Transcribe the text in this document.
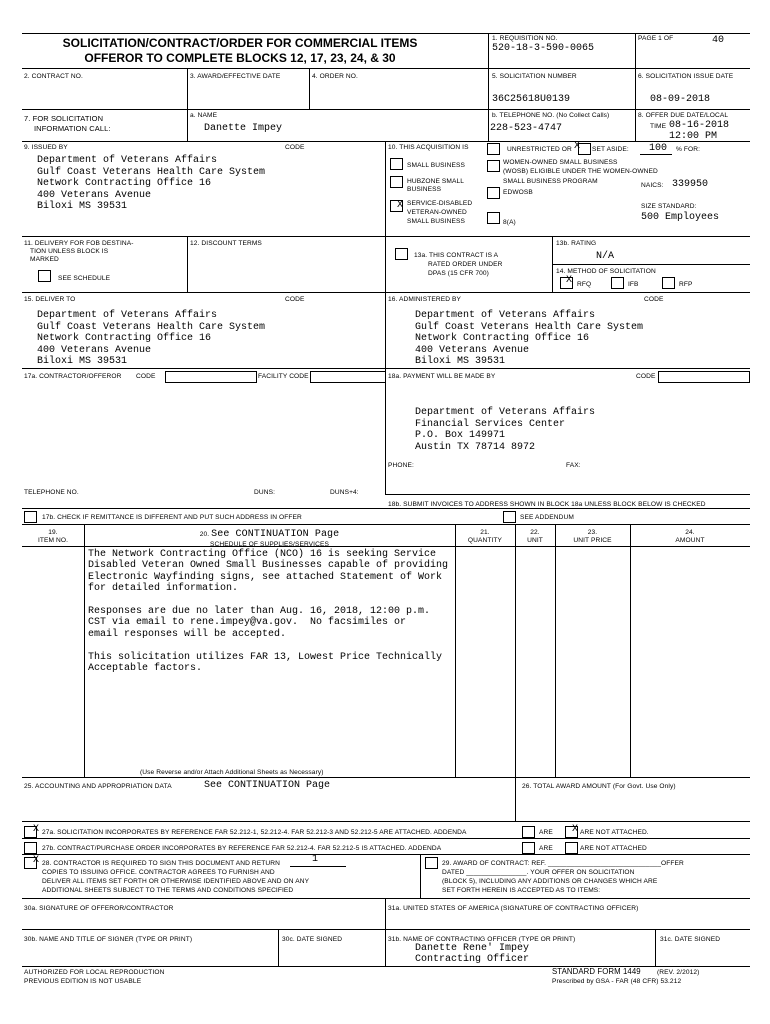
SOLICITATION/CONTRACT/ORDER FOR COMMERCIAL ITEMS
OFFEROR TO COMPLETE BLOCKS 12, 17, 23, 24, & 30
1. REQUISITION NO.
520-18-3-590-0065
PAGE 1 OF	40
2. CONTRACT NO.	3. AWARD/EFFECTIVE DATE	4. ORDER NO.	5. SOLICITATION NUMBER
36C25618U0139
6. SOLICITATION ISSUE DATE
08-09-2018
7. FOR SOLICITATION
INFORMATION CALL:
a. NAME
Danette Impey
b. TELEPHONE NO. (No Collect Calls)
228-523-4747
8. OFFER DUE DATE/LOCAL
TIME 08-16-2018
12:00 PM
9. ISSUED BY	CODE
Department of Veterans Affairs
Gulf Coast Veterans Health Care System
Network Contracting Office 16
400 Veterans Avenue
Biloxi MS 39531
10. THIS ACQUISITION IS	UNRESTRICTED OR X SET ASIDE: 100 % FOR:
SMALL BUSINESS
HUBZONE SMALL
BUSINESS
X SERVICE-DISABLED
VETERAN-OWNED
SMALL BUSINESS
WOMEN-OWNED SMALL BUSINESS
(WOSB) ELIGIBLE UNDER THE WOMEN-OWNED
SMALL BUSINESS PROGRAM
EDWOSB
8(A)
NAICS: 339950
SIZE STANDARD:
500 Employees
11. DELIVERY FOR FOB DESTINA-
TION UNLESS BLOCK IS
MARKED
SEE SCHEDULE
12. DISCOUNT TERMS
13a. THIS CONTRACT IS A
RATED ORDER UNDER
DPAS (15 CFR 700)
13b. RATING
N/A
14. METHOD OF SOLICITATION
X RFQ	IFB	RFP
15. DELIVER TO	CODE
Department of Veterans Affairs
Gulf Coast Veterans Health Care System
Network Contracting Office 16
400 Veterans Avenue
Biloxi MS 39531
16. ADMINISTERED BY	CODE
Department of Veterans Affairs
Gulf Coast Veterans Health Care System
Network Contracting Office 16
400 Veterans Avenue
Biloxi MS 39531
17a. CONTRACTOR/OFFEROR CODE	FACILITY CODE
TELEPHONE NO.	DUNS:	DUNS+4:
17b. CHECK IF REMITTANCE IS DIFFERENT AND PUT SUCH ADDRESS IN OFFER
18a. PAYMENT WILL BE MADE BY	CODE
Department of Veterans Affairs
Financial Services Center
P.O. Box 149971
Austin TX 78714 8972
PHONE:	FAX:
18b. SUBMIT INVOICES TO ADDRESS SHOWN IN BLOCK 18a UNLESS BLOCK BELOW IS CHECKED
SEE ADDENDUM
19.
ITEM NO.
20. See CONTINUATION Page
SCHEDULE OF SUPPLIES/SERVICES
21.
QUANTITY
22.
UNIT
23.
UNIT PRICE
24.
AMOUNT
The Network Contracting Office (NCO) 16 is seeking Service
Disabled Veteran Owned Small Businesses capable of providing
Electronic Wayfinding signs, see attached Statement of Work
for detailed information.

Responses are due no later than Aug. 16, 2018, 12:00 p.m.
CST via email to rene.impey@va.gov.  No facsimiles or
email responses will be accepted.

This solicitation utilizes FAR 13, Lowest Price Technically
Acceptable factors.
(Use Reverse and/or Attach Additional Sheets as Necessary)
25. ACCOUNTING AND APPROPRIATION DATA	See CONTINUATION Page	26. TOTAL AWARD AMOUNT (For Govt. Use Only)
X 27a. SOLICITATION INCORPORATES BY REFERENCE FAR 52.212-1, 52.212-4. FAR 52.212-3 AND 52.212-5 ARE ATTACHED. ADDENDA	ARE X ARE NOT ATTACHED.
27b. CONTRACT/PURCHASE ORDER INCORPORATES BY REFERENCE FAR 52.212-4. FAR 52.212-5 IS ATTACHED. ADDENDA	ARE	ARE NOT ATTACHED
X 28. CONTRACTOR IS REQUIRED TO SIGN THIS DOCUMENT AND RETURN	1
COPIES TO ISSUING OFFICE. CONTRACTOR AGREES TO FURNISH AND
DELIVER ALL ITEMS SET FORTH OR OTHERWISE IDENTIFIED ABOVE AND ON ANY
ADDITIONAL SHEETS SUBJECT TO THE TERMS AND CONDITIONS SPECIFIED
29. AWARD OF CONTRACT: REF. ______________________________OFFER
DATED ________________. YOUR OFFER ON SOLICITATION
(BLOCK 5), INCLUDING ANY ADDITIONS OR CHANGES WHICH ARE
SET FORTH HEREIN IS ACCEPTED AS TO ITEMS:
30a. SIGNATURE OF OFFEROR/CONTRACTOR
30b. NAME AND TITLE OF SIGNER (TYPE OR PRINT)	30c. DATE SIGNED
31a. UNITED STATES OF AMERICA (SIGNATURE OF CONTRACTING OFFICER)
31b. NAME OF CONTRACTING OFFICER (TYPE OR PRINT)
Danette Rene' Impey
Contracting Officer
31c. DATE SIGNED
AUTHORIZED FOR LOCAL REPRODUCTION
PREVIOUS EDITION IS NOT USABLE
STANDARD FORM 1449 (REV. 2/2012)
Prescribed by GSA - FAR (48 CFR) 53.212
